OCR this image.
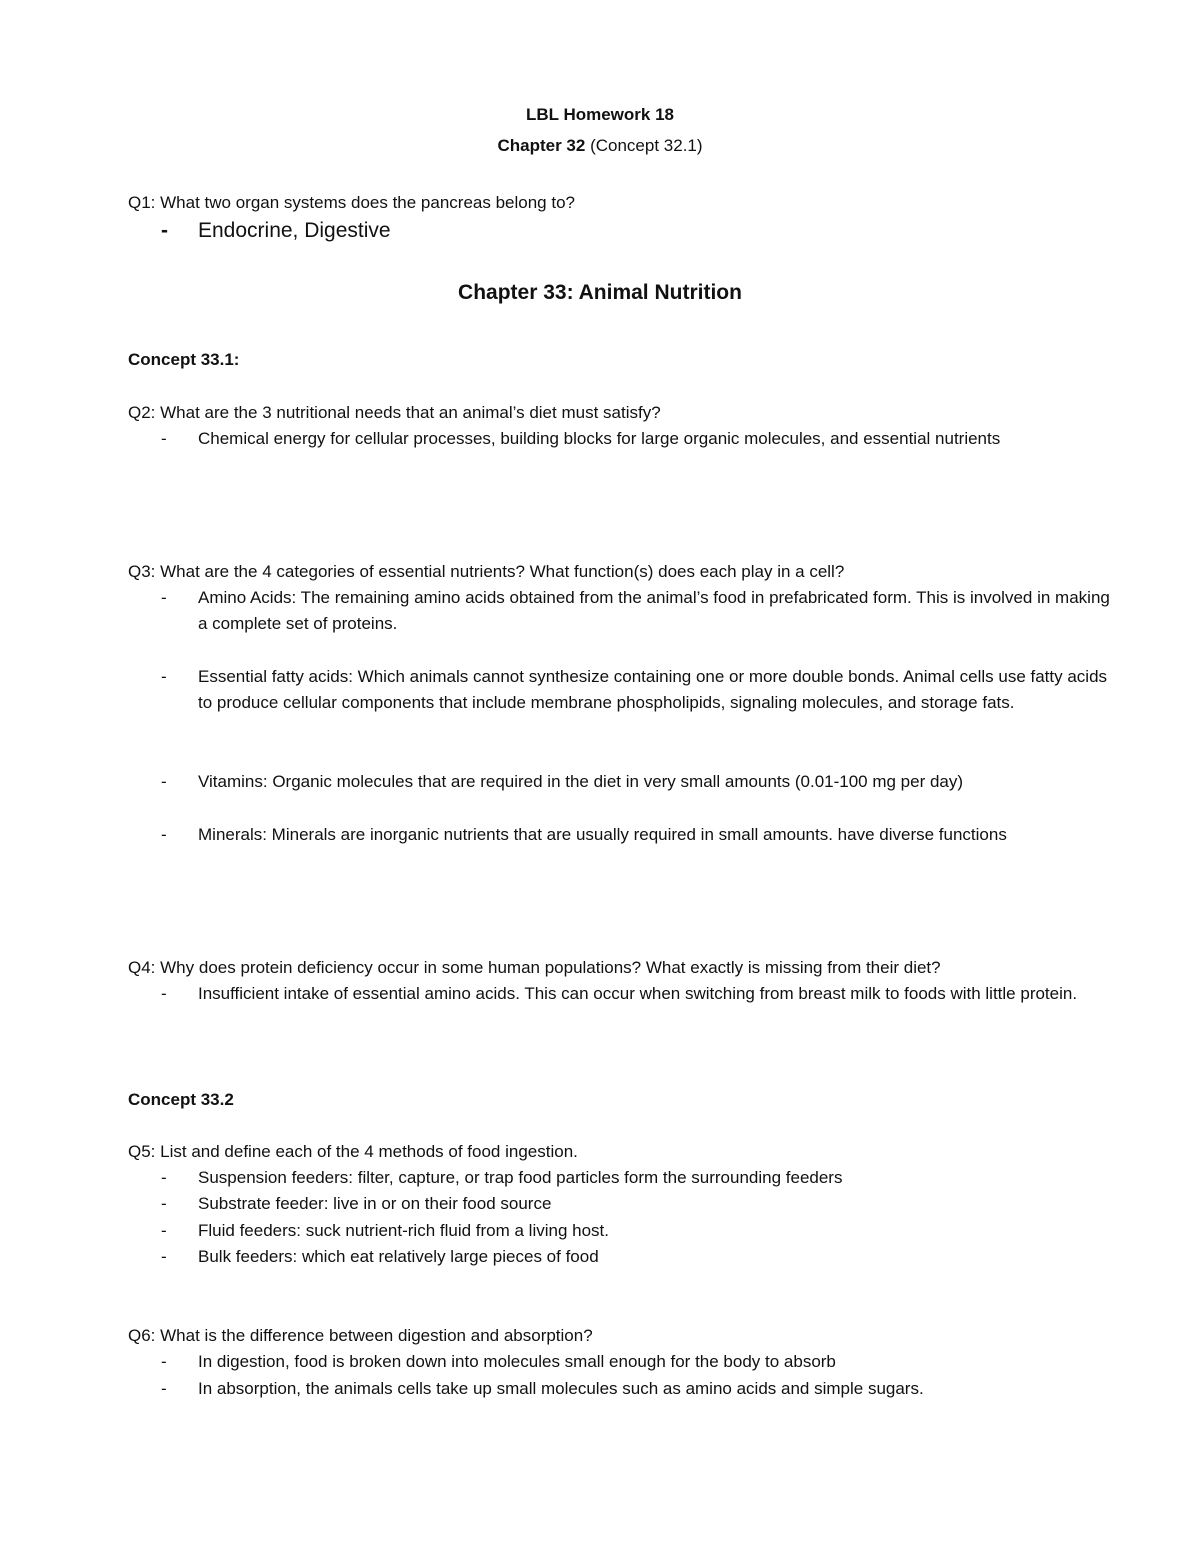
LBL Homework 18
Chapter 32 (Concept 32.1)
Q1: What two organ systems does the pancreas belong to?
- Endocrine, Digestive
Chapter 33: Animal Nutrition
Concept 33.1:
Q2: What are the 3 nutritional needs that an animal’s diet must satisfy?
- Chemical energy for cellular processes, building blocks for large organic molecules, and essential nutrients
Q3: What are the 4 categories of essential nutrients? What function(s) does each play in a cell?
- Amino Acids: The remaining amino acids obtained from the animal’s food in prefabricated form. This is involved in making a complete set of proteins.
- Essential fatty acids: Which animals cannot synthesize containing one or more double bonds. Animal cells use fatty acids to produce cellular components that include membrane phospholipids, signaling molecules, and storage fats.
- Vitamins: Organic molecules that are required in the diet in very small amounts (0.01-100 mg per day)
- Minerals: Minerals are inorganic nutrients that are usually required in small amounts. have diverse functions
Q4: Why does protein deficiency occur in some human populations? What exactly is missing from their diet?
- Insufficient intake of essential amino acids. This can occur when switching from breast milk to foods with little protein.
Concept 33.2
Q5: List and define each of the 4 methods of food ingestion.
- Suspension feeders: filter, capture, or trap food particles form the surrounding feeders
- Substrate feeder: live in or on their food source
- Fluid feeders: suck nutrient-rich fluid from a living host.
- Bulk feeders: which eat relatively large pieces of food
Q6: What is the difference between digestion and absorption?
- In digestion, food is broken down into molecules small enough for the body to absorb
- In absorption, the animals cells take up small molecules such as amino acids and simple sugars.
